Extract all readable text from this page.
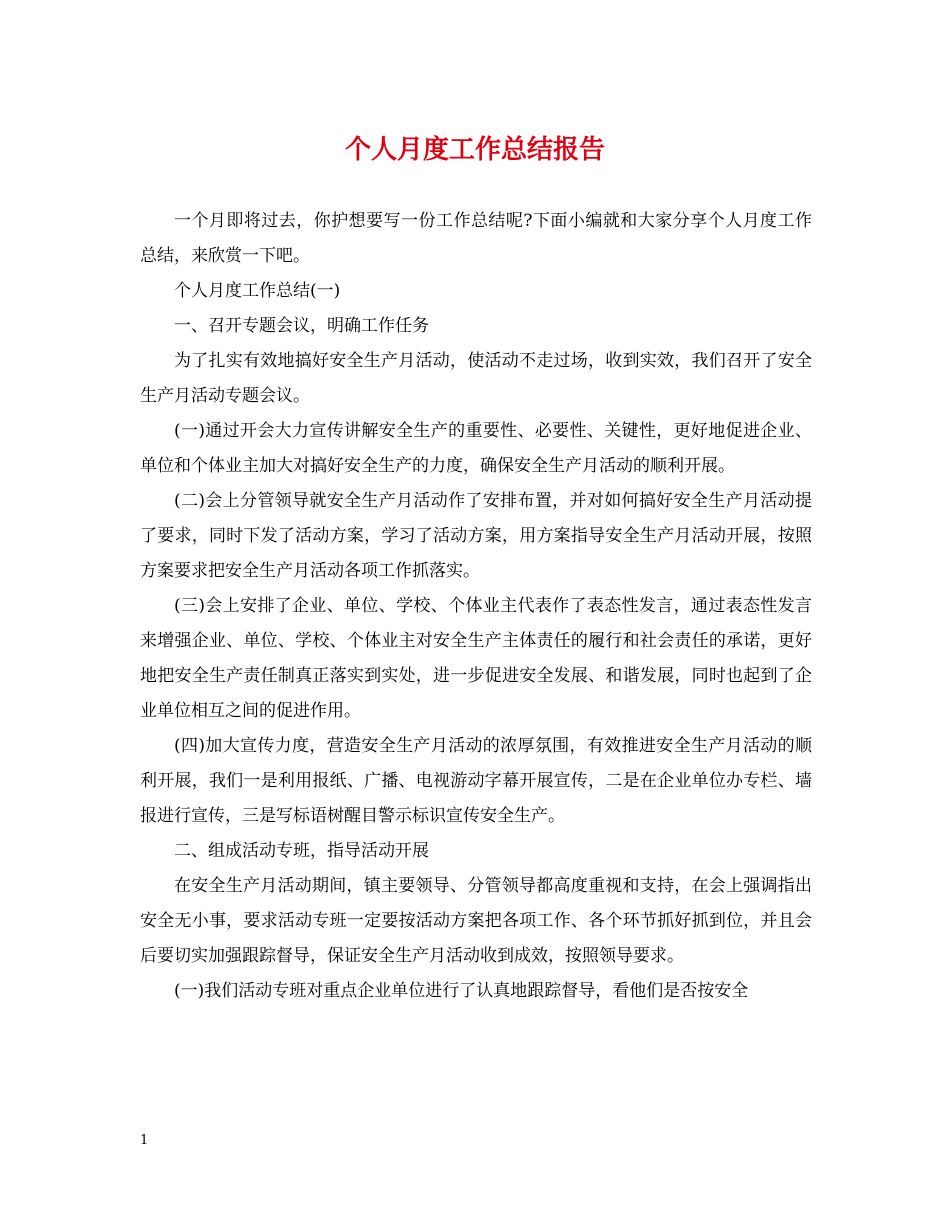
个人月度工作总结报告

一个月即将过去，你护想要写一份工作总结呢?下面小编就和大家分享个人月度工作总结，来欣赏一下吧。

个人月度工作总结(一)

一、召开专题会议，明确工作任务

为了扎实有效地搞好安全生产月活动，使活动不走过场，收到实效，我们召开了安全生产月活动专题会议。

(一)通过开会大力宣传讲解安全生产的重要性、必要性、关键性，更好地促进企业、单位和个体业主加大对搞好安全生产的力度，确保安全生产月活动的顺利开展。

(二)会上分管领导就安全生产月活动作了安排布置，并对如何搞好安全生产月活动提了要求，同时下发了活动方案，学习了活动方案，用方案指导安全生产月活动开展，按照方案要求把安全生产月活动各项工作抓落实。

(三)会上安排了企业、单位、学校、个体业主代表作了表态性发言，通过表态性发言来增强企业、单位、学校、个体业主对安全生产主体责任的履行和社会责任的承诺，更好地把安全生产责任制真正落实到实处，进一步促进安全发展、和谐发展，同时也起到了企业单位相互之间的促进作用。

(四)加大宣传力度，营造安全生产月活动的浓厚氛围，有效推进安全生产月活动的顺利开展，我们一是利用报纸、广播、电视游动字幕开展宣传，二是在企业单位办专栏、墙报进行宣传，三是写标语树醒目警示标识宣传安全生产。

二、组成活动专班，指导活动开展

在安全生产月活动期间，镇主要领导、分管领导都高度重视和支持，在会上强调指出安全无小事，要求活动专班一定要按活动方案把各项工作、各个环节抓好抓到位，并且会后要切实加强跟踪督导，保证安全生产月活动收到成效，按照领导要求。

(一)我们活动专班对重点企业单位进行了认真地跟踪督导，看他们是否按安全

1
